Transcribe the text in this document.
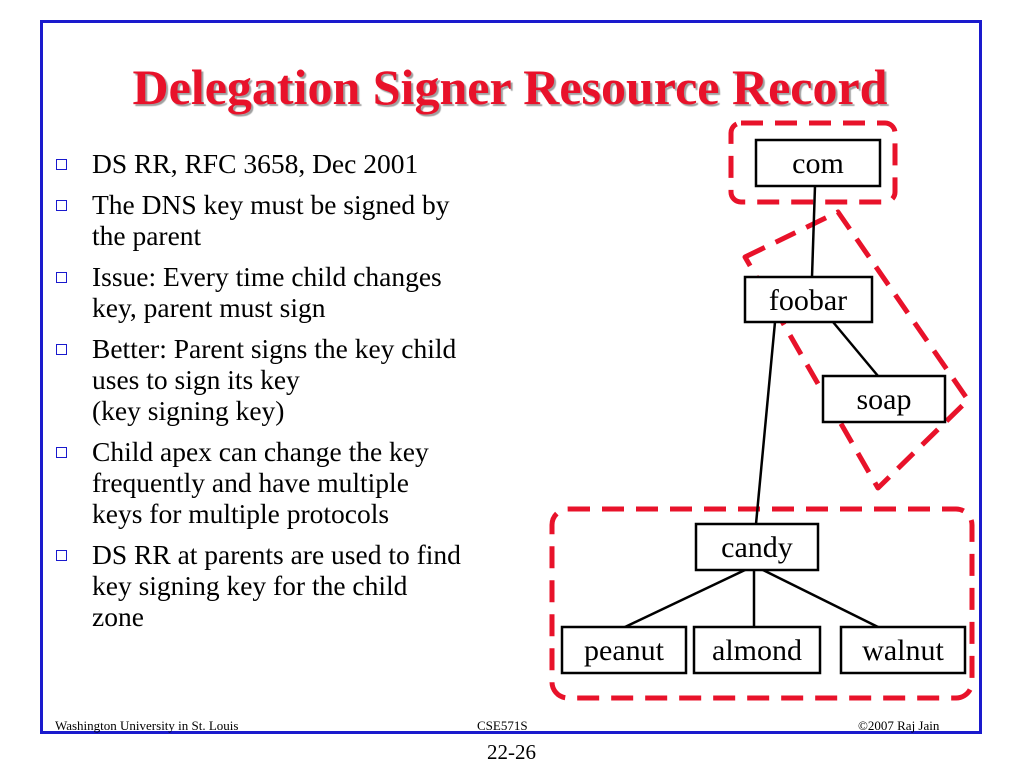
Delegation Signer Resource Record
DS RR, RFC 3658, Dec 2001
The DNS key must be signed by
the parent
Issue: Every time child changes
key, parent must sign
Better: Parent signs the key child
uses to sign its key
(key signing key)
Child apex can change the key
frequently and have multiple
keys for multiple protocols
DS RR at parents are used to find
key signing key for the child
zone
com
foobar
soap
candy
peanut almond walnut
Washington University in St. Louis	CSE571S	©2007 Raj Jain
22-26
